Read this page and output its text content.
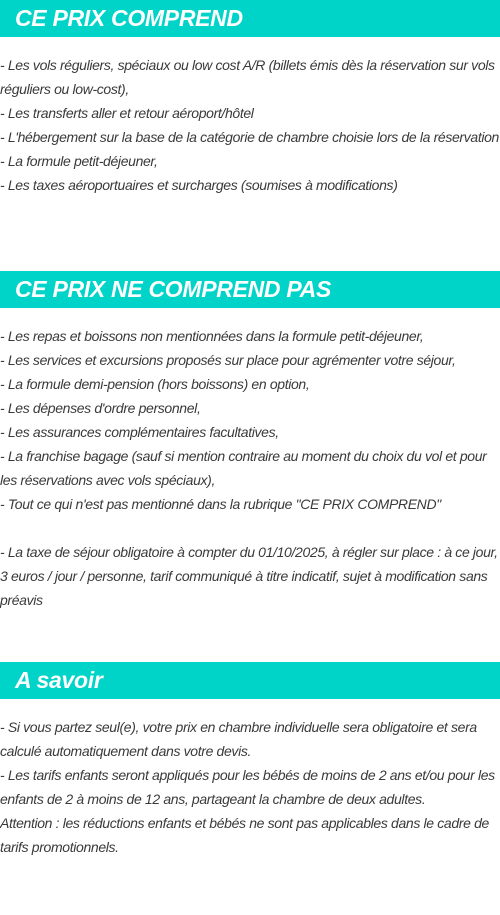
CE PRIX COMPREND
- Les vols réguliers, spéciaux ou low cost A/R (billets émis dès la réservation sur vols réguliers ou low-cost),
- Les transferts aller et retour aéroport/hôtel
- L'hébergement sur la base de la catégorie de chambre choisie lors de la réservation
- La formule petit-déjeuner,
- Les taxes aéroportuaires et surcharges (soumises à modifications)
CE PRIX NE COMPREND PAS
- Les repas et boissons non mentionnées dans la formule petit-déjeuner,
- Les services et excursions proposés sur place pour agrémenter votre séjour,
- La formule demi-pension (hors boissons) en option,
- Les dépenses d'ordre personnel,
- Les assurances complémentaires facultatives,
- La franchise bagage (sauf si mention contraire au moment du choix du vol et pour les réservations avec vols spéciaux),
- Tout ce qui n'est pas mentionné dans la rubrique "CE PRIX COMPREND"
- La taxe de séjour obligatoire à compter du 01/10/2025, à régler sur place : à ce jour, 3 euros / jour / personne, tarif communiqué à titre indicatif, sujet à modification sans préavis
A savoir
- Si vous partez seul(e), votre prix en chambre individuelle sera obligatoire et sera calculé automatiquement dans votre devis.
- Les tarifs enfants seront appliqués pour les bébés de moins de 2 ans et/ou pour les enfants de 2 à moins de 12 ans, partageant la chambre de deux adultes.
Attention : les réductions enfants et bébés ne sont pas applicables dans le cadre de tarifs promotionnels.
